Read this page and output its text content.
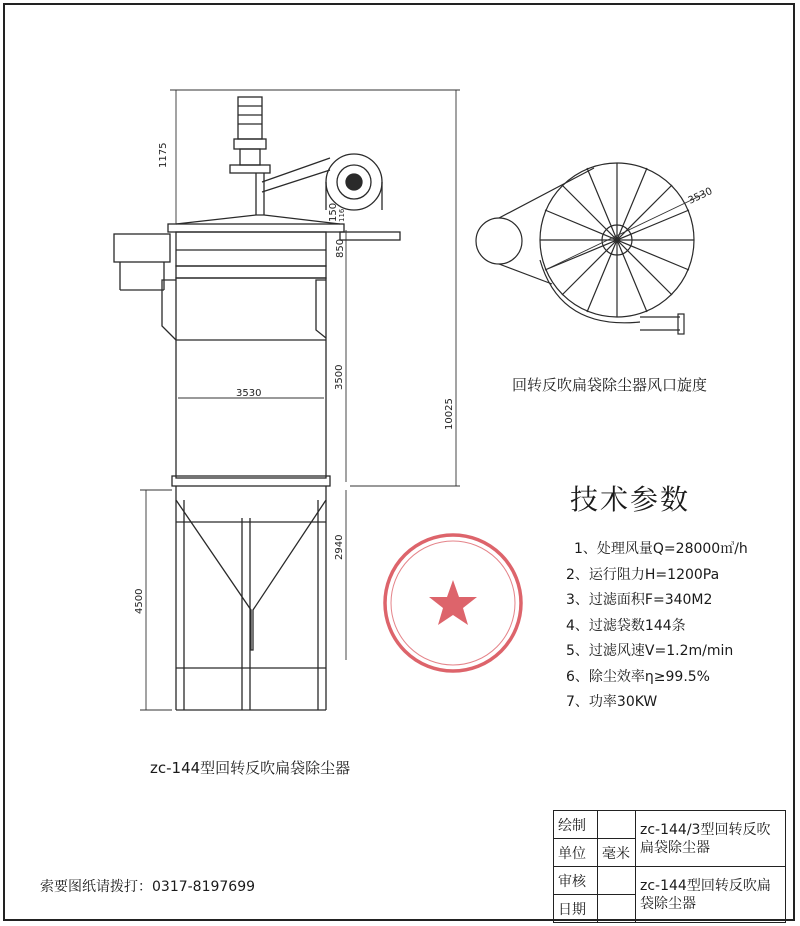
1175
150 116
850
3530
3500
10025
2940
4500
3530
zc-144型回转反吹扁袋除尘器
回转反吹扁袋除尘器风口旋度
技术参数
1、处理风量Q=28000㎥/h
2、运行阻力H=1200Pa
3、过滤面积F=340M2
4、过滤袋数144条
5、过滤风速V=1.2m/min
6、除尘效率η≥99.5%
7、功率30KW
绘制		zc-144/3型回转反吹扁袋除尘器
单位	毫米	
审核		zc-144型回转反吹扁袋除尘器
日期		
索要图纸请拨打：0317-8197699
